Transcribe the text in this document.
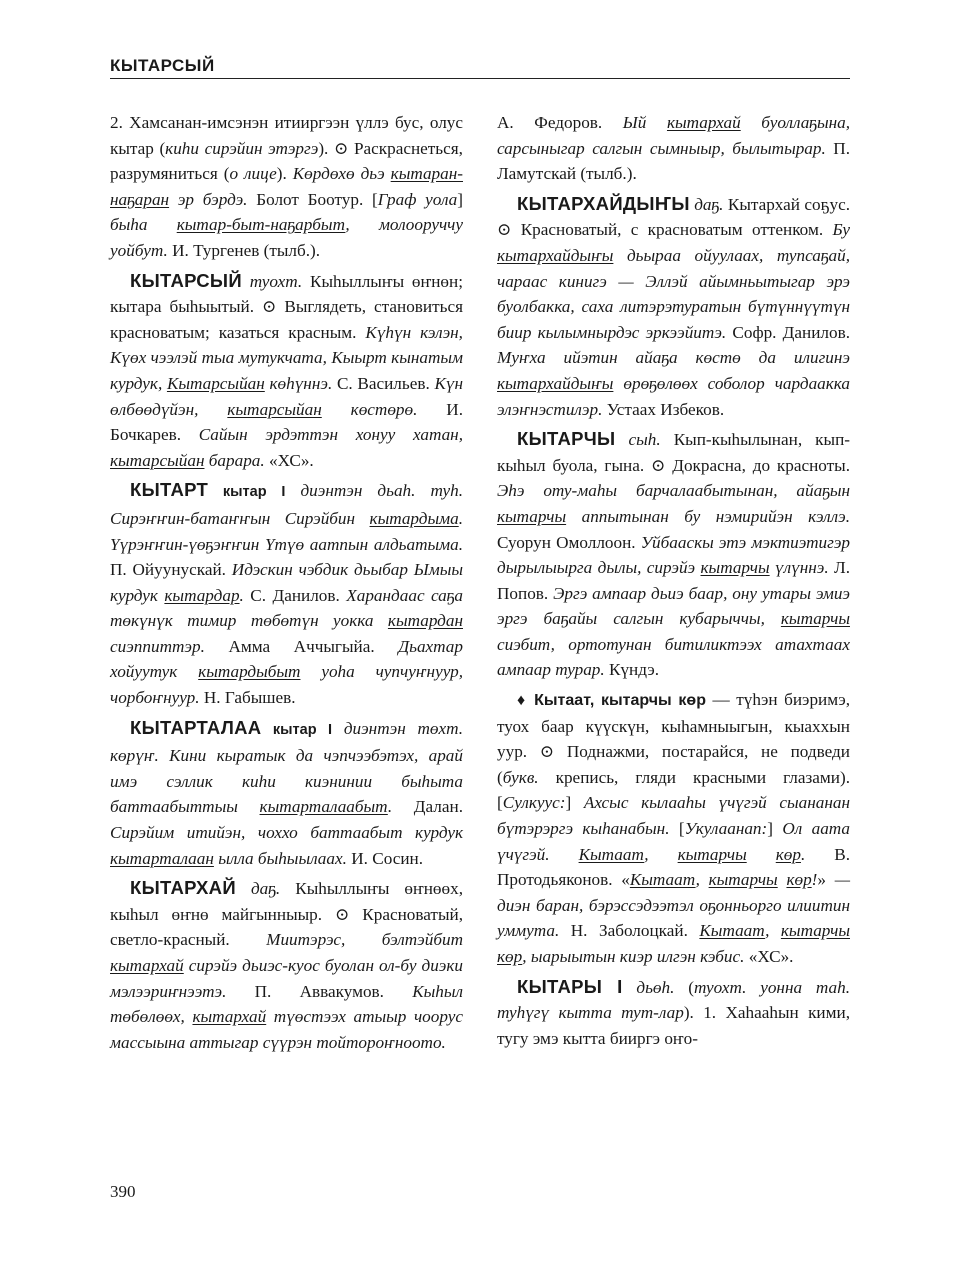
КЫТАРСЫЙ

2. Хамсанан-имсэнэн итииргээн үллэ бус, олус кытар (киһи сирэйин этэргэ). ⊙ Раскраснеться, разрумяниться (о лице). Көрдөхө дьэ кытаран-наҕаран эр бэрдэ. Болот Боотур. [Граф уола] быһа кытар-быт-наҕарбыт, молооруччу уойбут. И. Тургенев (тылб.).

КЫТАРСЫЙ туохт. Кыһыллыҥы өҥнөн; кытара быһыытый. ⊙ Выглядеть, становиться красноватым; казаться красным. Күһүн кэлэн, Күөх чээлэй тыа мутукчата, Кыырт кынатым курдук, Кытарсыйан көһүннэ. С. Васильев. Күн өлбөөдүйэн, кытарсыйан көстөрө. И. Бочкарев. Сайын эрдэттэн хонуу хатан, кытарсыйан барара. «ХС».

КЫТАРТ кытар I диэнтэн дьаһ. туһ. Сирэҥҥин-батаҥҥын Сирэйбин кытардыма. Үүрэҥҥин-үөҕэҥҥин Үтүө аатпын алдьатыма. П. Ойуунускай. Идэскин чэбдик дьыбар Ымыы курдук кытардар. С. Данилов. Харандаас саҕа төкүнүк тимир төбөтүн уокка кытардан сиэппиттэр. Амма Аччыгыйа. Дьахтар хойуутук кытардыбыт уоһа чупчуҥнуур, чорбоҥнуур. Н. Габышев.

КЫТАРТАЛАА кытар I диэнтэн төхт. көрүҥ. Кини кыратык да чэпчээбэтэх, арай имэ сэллик киһи киэнинии быһыта баттаабыттыы кытарталаабыт. Далан. Сирэйим итийэн, чоххо баттаабыт курдук кытарталаан ылла быһыылаах. И. Сосин.

КЫТАРХАЙ даҕ. Кыһыллыҥы өҥнөөх, кыһыл өҥнө майгынныыр. ⊙ Красноватый, светло-красный. Миитэрэс, бэлтэйбит кытархай сирэйэ дьиэс-куос буолан ол-бу диэки мэлээриҥнээтэ. П. Аввакумов. Кыһыл төбөлөөх, кытархай түөстээх атыыр чоорус массыына аттыгар сүүрэн тойтороҥноото.

А. Федоров. Ый кытархай буоллаҕына, сарсыныгар салгын сымныыр, былытырар. П. Ламутскай (тылб.).

КЫТАРХАЙДЫҤЫ даҕ. Кытархай соҕус. ⊙ Красноватый, с красноватым оттенком. Бу кытархайдыҥы дьыраа ойуулаах, тупсаҕай, чараас кинигэ — Эллэй айымньытыгар эрэ буолбакка, саха литэрэтуратын бүтүннүүтүн биир кылымнырдэс эркээйитэ. Софр. Данилов. Муҥха ийэтин айаҕа көстө да илигинэ кытархайдыҥы өрөҕөлөөх соболор чардаакка элэҥнэстилэр. Устаах Избеков.

КЫТАРЧЫ сыһ. Кып-кыһылынан, кып-кыһыл буола, гына. ⊙ Докрасна, до красноты. Эһэ оту-маһы барчалаабытынан, айаҕын кытарчы аппытынан бу нэмирийэн кэллэ. Суорун Омоллоон. Уйбааскы этэ мэктиэтигэр дырылыырга дылы, сирэйэ кытарчы үлүннэ. Л. Попов. Эргэ ампаар дьиэ баар, ону утары эмиэ эргэ баҕайы салгын кубарыччы, кытарчы сиэбит, ортотунан битиликтээх атахтаах ампаар турар. Күндэ.

♦ Кытаат, кытарчы көр — түһэн биэримэ, туох баар күүскүн, кыһамныыгын, кыаххын уур. ⊙ Поднажми, постарайся, не подведи (букв. крепись, гляди красными глазами). [Сулкуус:] Ахсыс кылааһы үчүгэй сыананан бүтэрэргэ кыһанабын. [Укулаанап:] Ол аата үчүгэй. Кытаат, кытарчы көр. В. Протодьяконов. «Кытаат, кытарчы көр!» — диэн баран, бэрэссэдээтэл оҕонньорго илиитин уммута. Н. Заболоцкай. Кытаат, кытарчы көр, ыарыытын киэр илгэн кэбис. «ХС».

КЫТАРЫ I дьөһ. (туохт. уонна таһ. туһүгү кытта тут-лар). 1. Хаһааһын кими, тугу эмэ кытта бииргэ оҥо-

390
